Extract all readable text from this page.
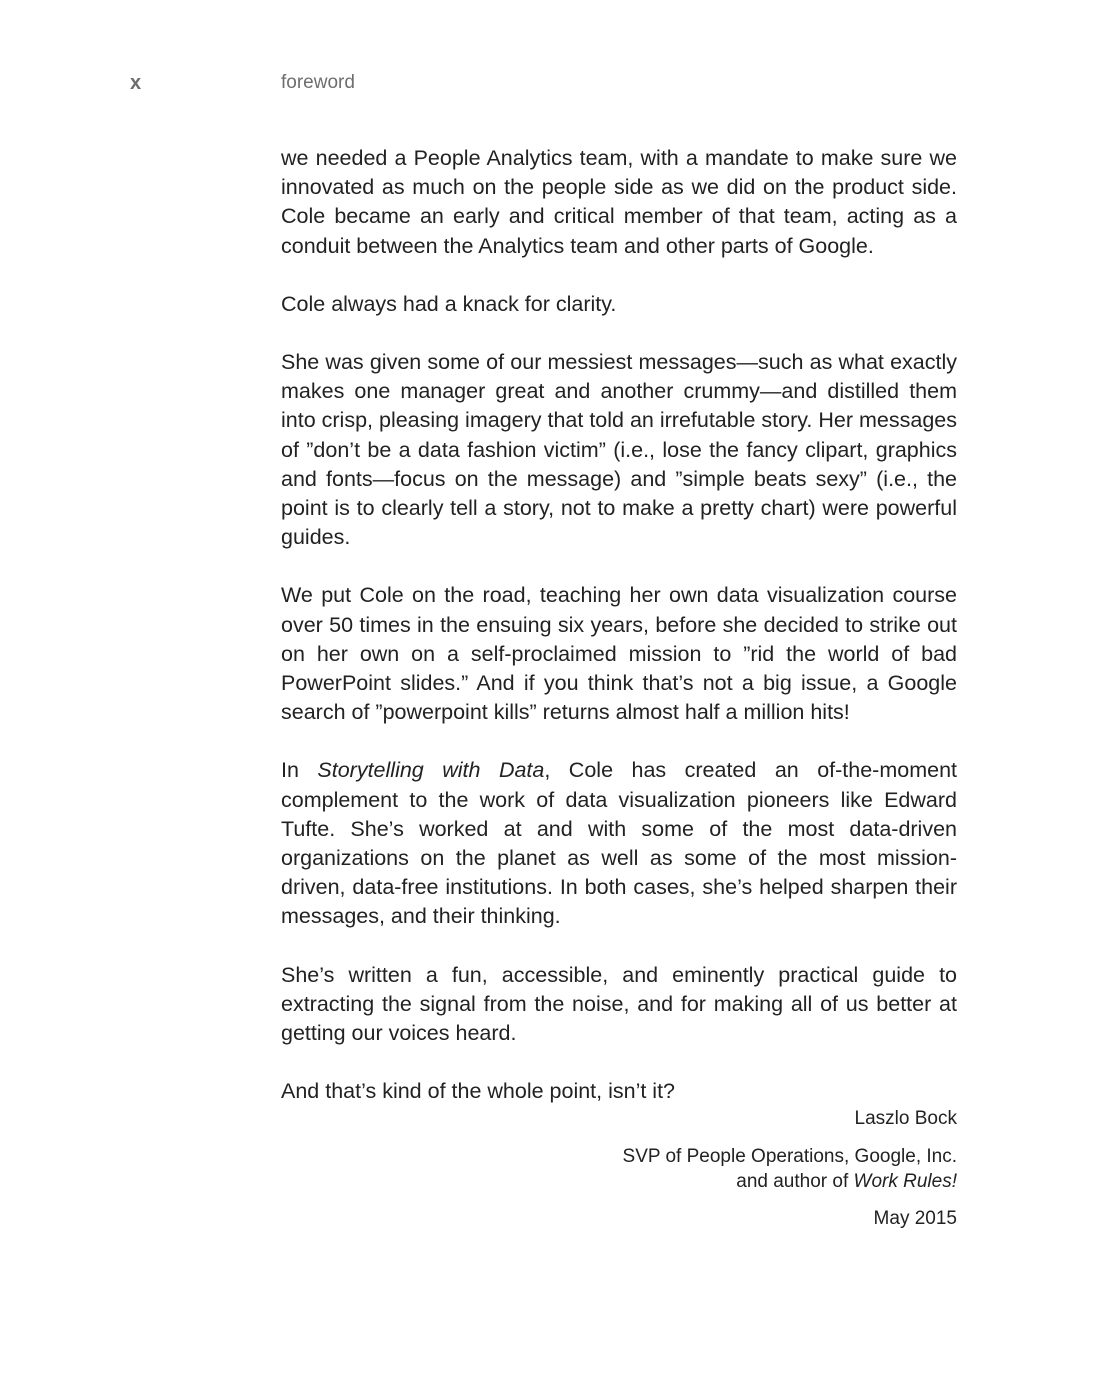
x	foreword

we needed a People Analytics team, with a mandate to make sure we innovated as much on the people side as we did on the product side. Cole became an early and critical member of that team, acting as a conduit between the Analytics team and other parts of Google.

Cole always had a knack for clarity.

She was given some of our messiest messages—such as what exactly makes one manager great and another crummy—and distilled them into crisp, pleasing imagery that told an irrefutable story. Her messages of ”don’t be a data fashion victim” (i.e., lose the fancy clipart, graphics and fonts—focus on the message) and ”simple beats sexy” (i.e., the point is to clearly tell a story, not to make a pretty chart) were powerful guides.

We put Cole on the road, teaching her own data visualization course over 50 times in the ensuing six years, before she decided to strike out on her own on a self-proclaimed mission to ”rid the world of bad PowerPoint slides.” And if you think that’s not a big issue, a Google search of ”powerpoint kills” returns almost half a million hits!

In Storytelling with Data, Cole has created an of-the-moment complement to the work of data visualization pioneers like Edward Tufte. She’s worked at and with some of the most data-driven organizations on the planet as well as some of the most mission-driven, data-free institutions. In both cases, she’s helped sharpen their messages, and their thinking.

She’s written a fun, accessible, and eminently practical guide to extracting the signal from the noise, and for making all of us better at getting our voices heard.

And that’s kind of the whole point, isn’t it?

Laszlo Bock
SVP of People Operations, Google, Inc.
and author of Work Rules!
May 2015
